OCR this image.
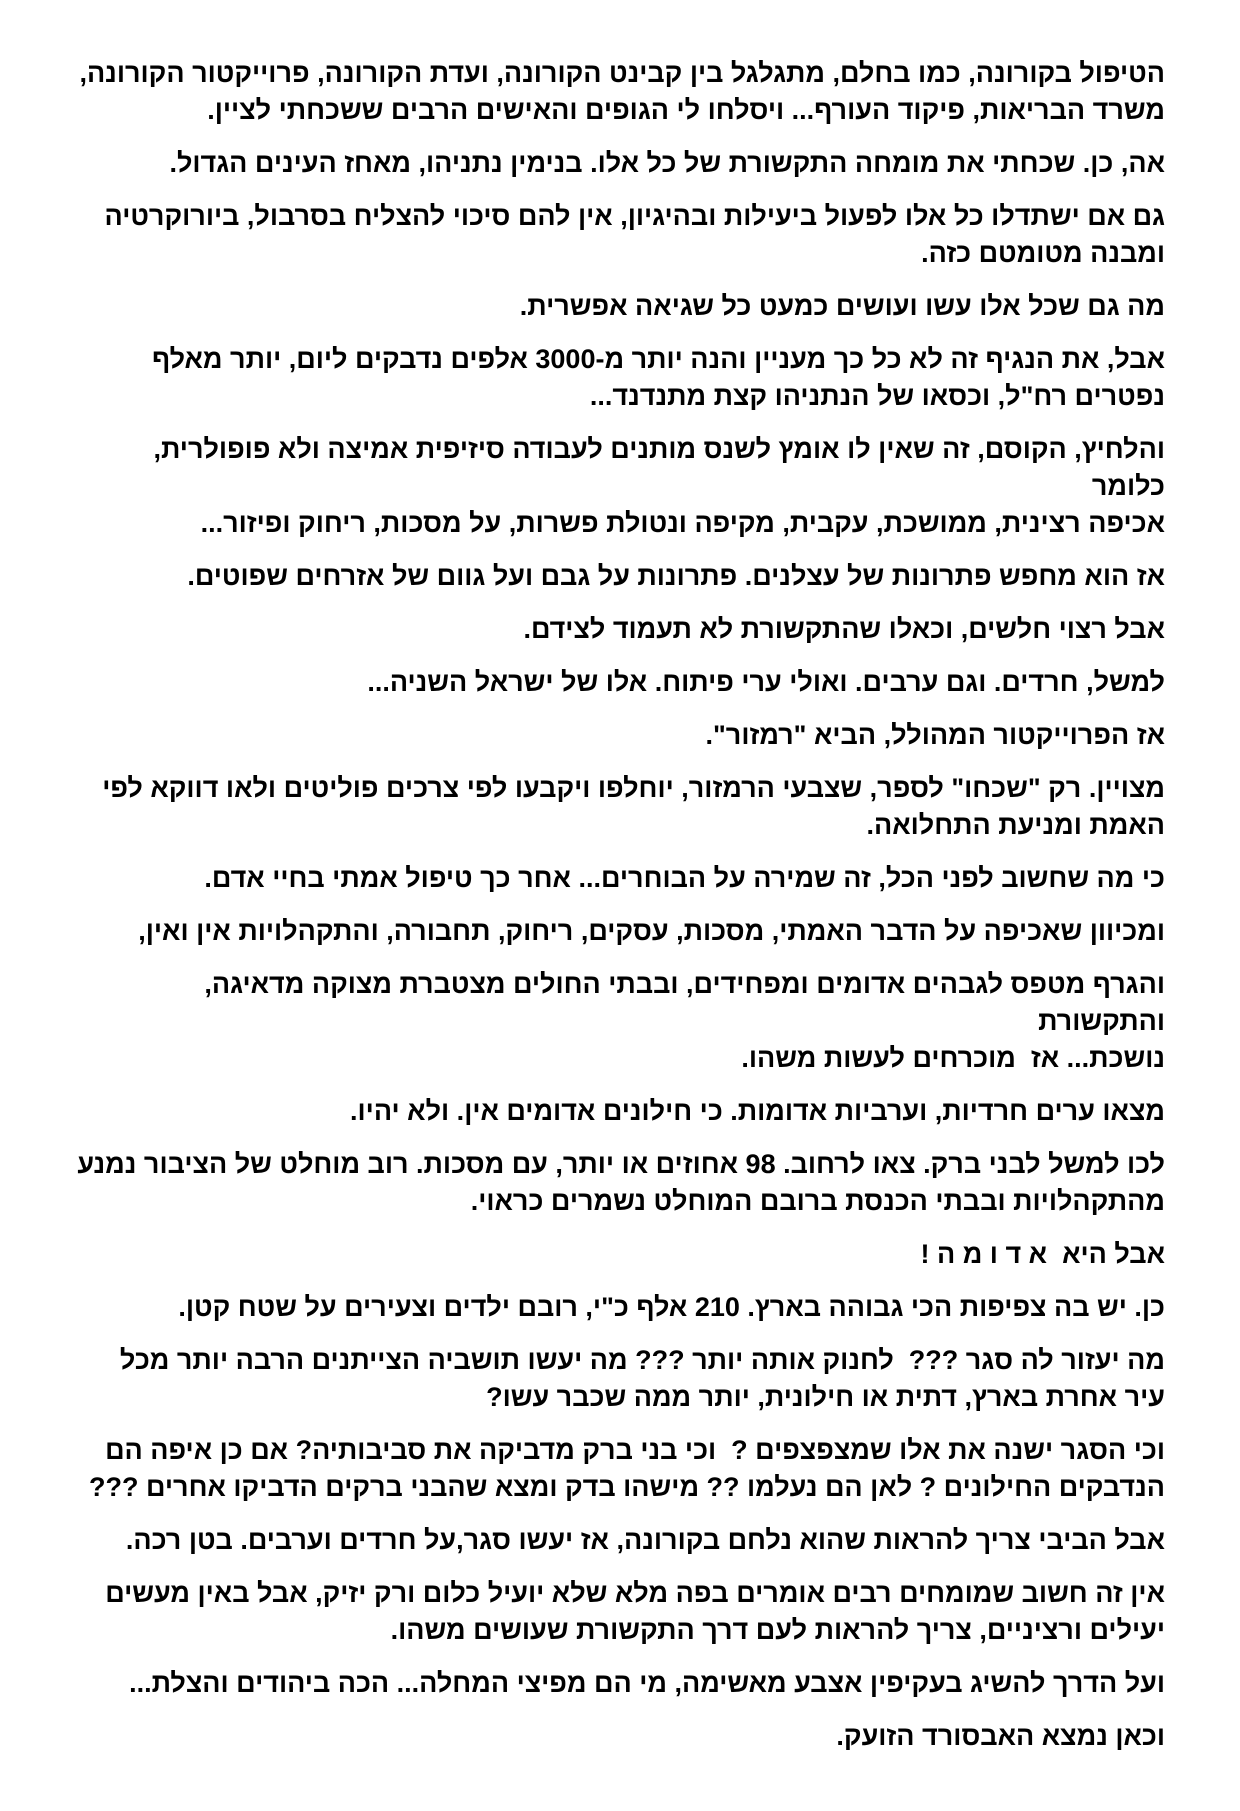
הטיפול בקורונה, כמו בחלם, מתגלגל בין קבינט הקורונה, ועדת הקורונה, פרוייקטור הקורונה,
משרד הבריאות, פיקוד העורף... ויסלחו לי הגופים והאישים הרבים ששכחתי לציין.

אה, כן. שכחתי את מומחה התקשורת של כל אלו. בנימין נתניהו, מאחז העינים הגדול.

גם אם ישתדלו כל אלו לפעול ביעילות ובהיגיון, אין להם סיכוי להצליח בסרבול, ביורוקרטיה
ומבנה מטומטם כזה.

מה גם שכל אלו עשו ועושים כמעט כל שגיאה אפשרית.

אבל, את הנגיף זה לא כל כך מעניין והנה יותר מ-3000 אלפים נדבקים ליום, יותר מאלף
נפטרים רח"ל, וכסאו של הנתניהו קצת מתנדנד...

והלחיץ, הקוסם, זה שאין לו אומץ לשנס מותנים לעבודה סיזיפית אמיצה ולא פופולרית, כלומר
אכיפה רצינית, ממושכת, עקבית, מקיפה ונטולת פשרות, על מסכות, ריחוק ופיזור...

אז הוא מחפש פתרונות של עצלנים. פתרונות על גבם ועל גוום של אזרחים שפוטים.

אבל רצוי חלשים, וכאלו שהתקשורת לא תעמוד לצידם.

למשל, חרדים. וגם ערבים. ואולי ערי פיתוח. אלו של ישראל השניה...

אז הפרוייקטור המהולל, הביא "רמזור".

מצויין. רק "שכחו" לספר, שצבעי הרמזור, יוחלפו ויקבעו לפי צרכים פוליטים ולאו דווקא לפי
האמת ומניעת התחלואה.

כי מה שחשוב לפני הכל, זה שמירה על הבוחרים... אחר כך טיפול אמתי בחיי אדם.

ומכיוון שאכיפה על הדבר האמתי, מסכות, עסקים, ריחוק, תחבורה, והתקהלויות אין ואין,

והגרף מטפס לגבהים אדומים ומפחידים, ובבתי החולים מצטברת מצוקה מדאיגה, והתקשורת
נושכת... אז  מוכרחים לעשות משהו.

מצאו ערים חרדיות, וערביות אדומות. כי חילונים אדומים אין. ולא יהיו.

לכו למשל לבני ברק. צאו לרחוב. 98 אחוזים או יותר, עם מסכות. רוב מוחלט של הציבור נמנע
מהתקהלויות ובבתי הכנסת ברובם המוחלט נשמרים כראוי.

אבל היא  א ד ו מ ה !

כן. יש בה צפיפות הכי גבוהה בארץ. 210 אלף כ"י, רובם ילדים וצעירים על שטח קטן.

מה יעזור לה סגר ???  לחנוק אותה יותר ??? מה יעשו תושביה הצייתנים הרבה יותר מכל
עיר אחרת בארץ, דתית או חילונית, יותר ממה שכבר עשו?

וכי הסגר ישנה את אלו שמצפצפים ?  וכי בני ברק מדביקה את סביבותיה? אם כן איפה הם
הנדבקים החילונים ? לאן הם נעלמו ?? מישהו בדק ומצא שהבני ברקים הדביקו אחרים ???

אבל הביבי צריך להראות שהוא נלחם בקורונה, אז יעשו סגר,על חרדים וערבים. בטן רכה.

אין זה חשוב שמומחים רבים אומרים בפה מלא שלא יועיל כלום ורק יזיק, אבל באין מעשים
יעילים ורציניים, צריך להראות לעם דרך התקשורת שעושים משהו.

ועל הדרך להשיג בעקיפין אצבע מאשימה, מי הם מפיצי המחלה... הכה ביהודים והצלת...

וכאן נמצא האבסורד הזועק.
